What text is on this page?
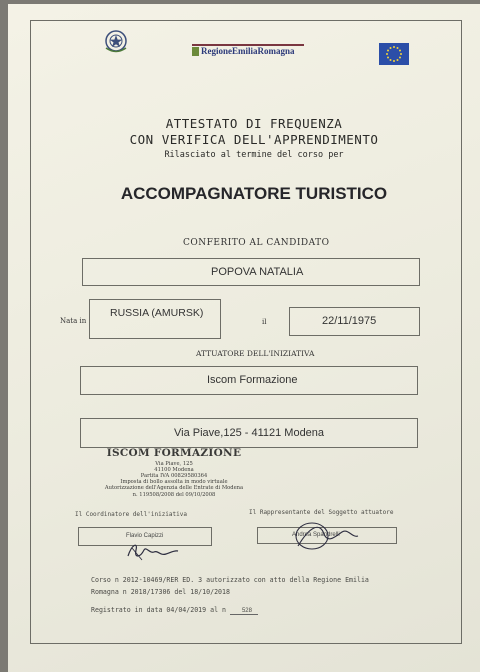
RegioneEmiliaRomagna
ATTESTATO DI FREQUENZA
CON VERIFICA DELL'APPRENDIMENTO
Rilasciato al termine del corso per
ACCOMPAGNATORE TURISTICO
CONFERITO AL CANDIDATO
POPOVA NATALIA
Nata in
RUSSIA (AMURSK)
il	22/11/1975
ATTUATORE DELL'INIZIATIVA
Iscom Formazione
Via Piave,125 - 41121 Modena
ISCOM FORMAZIONE
Via Piave, 125
41100 Modena
Partita IVA 00829580364
Imposta di bollo assolta in modo virtuale
Autorizzazione dell'Agenzia delle Entrate di Modena
n. 119508/2008 del 09/10/2008
Il Coordinatore dell'iniziativa	Il Rappresentante del Soggetto attuatore
Flavio Capizzi	Andrea Spandrelli
Corso n 2012-10469/RER ED. 3 autorizzato con atto della Regione Emilia
Romagna n 2018/17306 del 18/10/2018
Registrato in data 04/04/2019 al n	528
